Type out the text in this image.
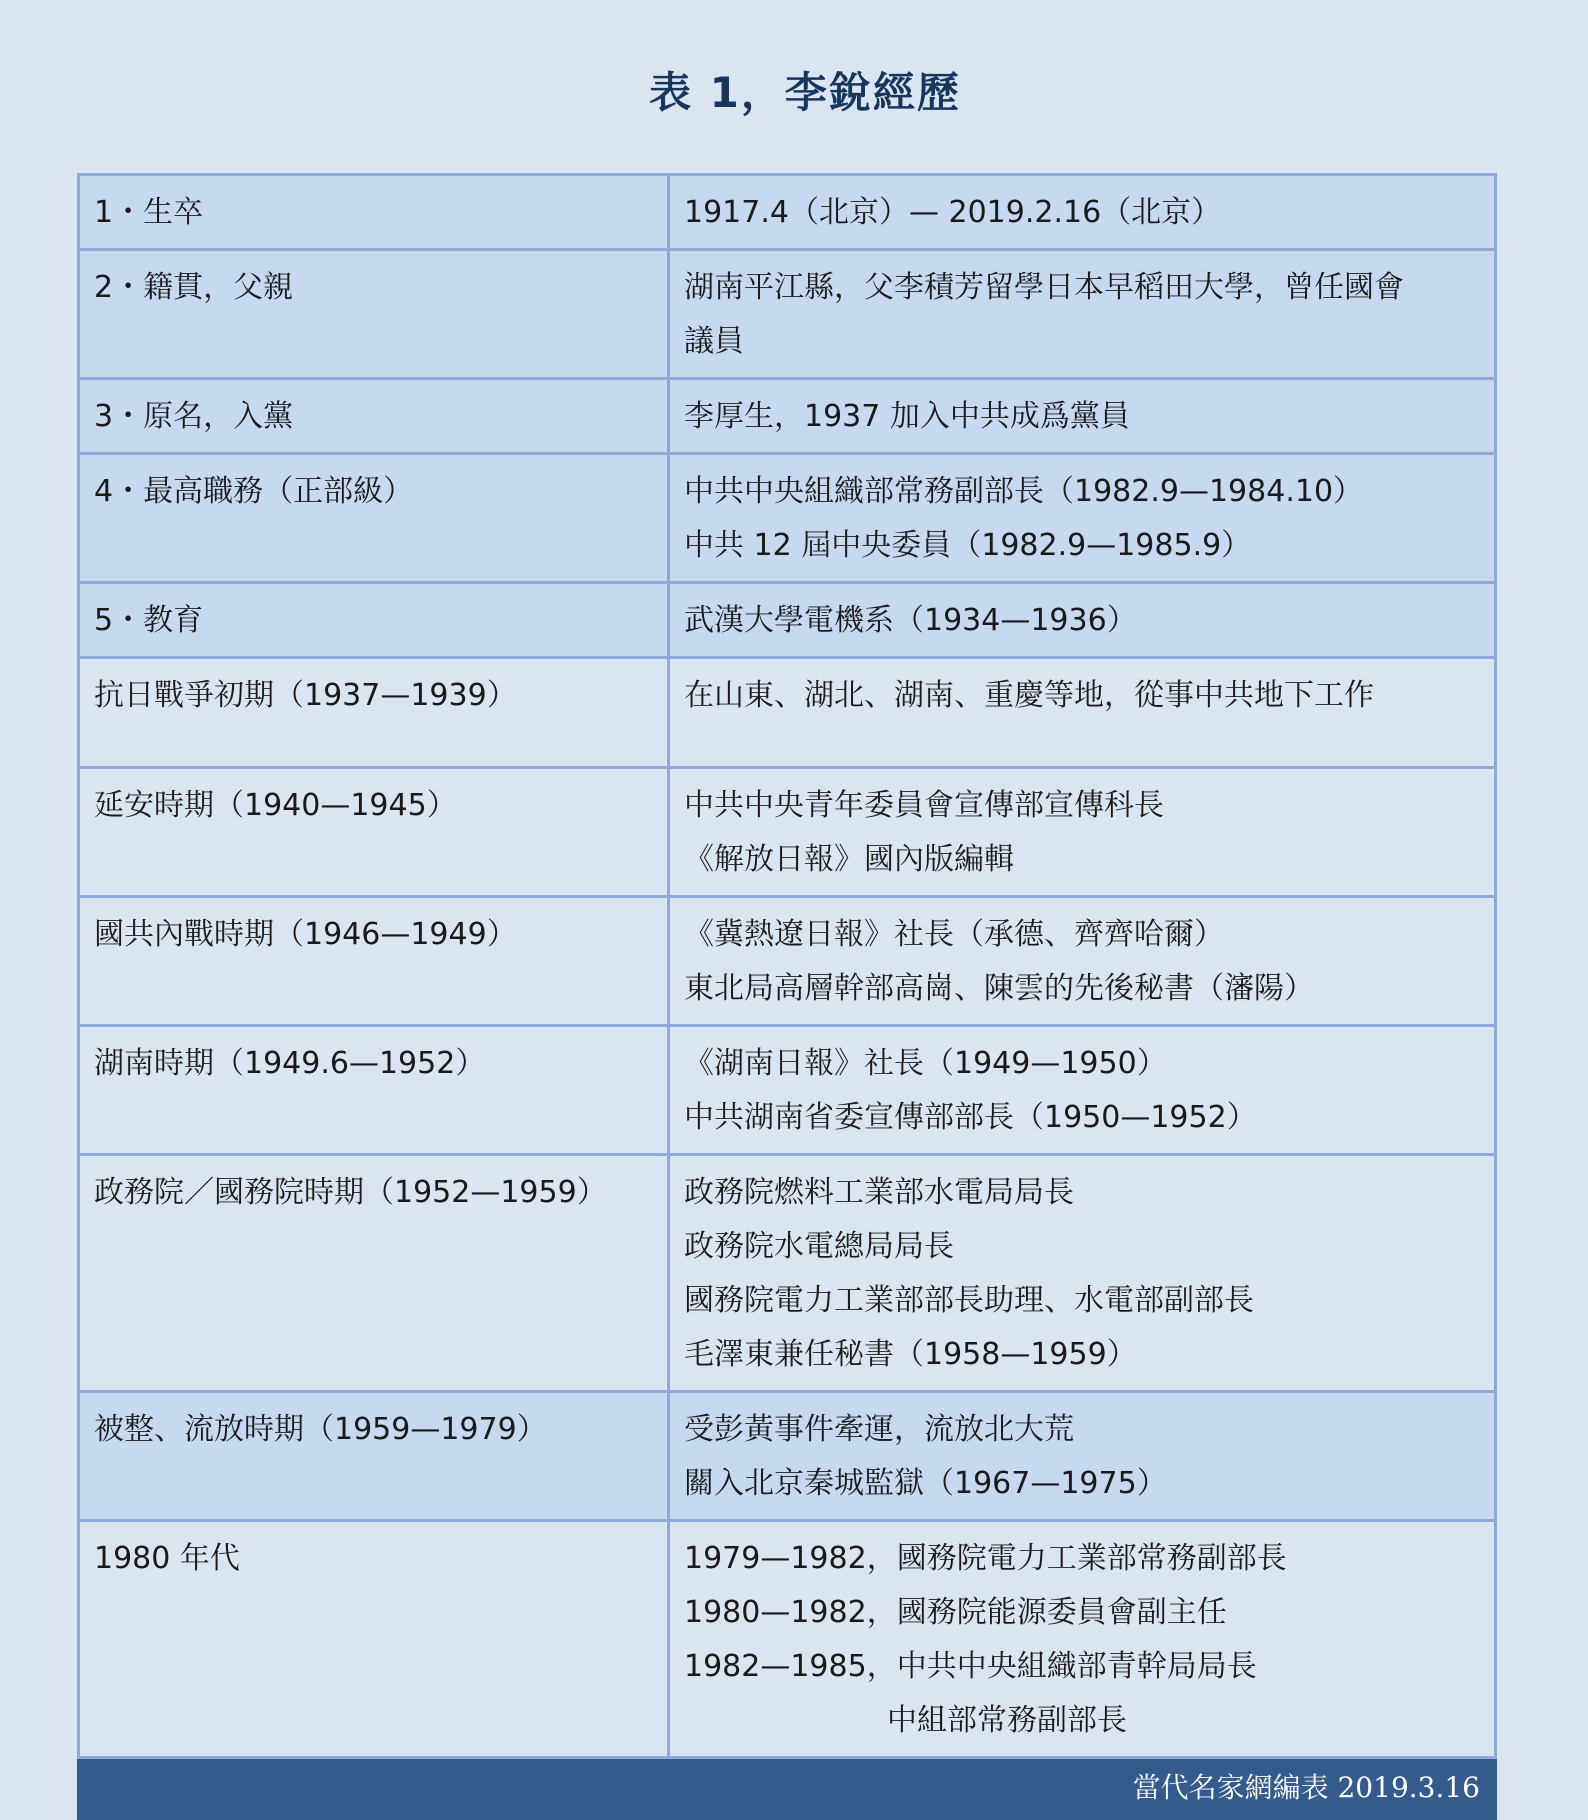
表 1，李銳經歷
1・生卒	1917.4（北京）— 2019.2.16（北京）

2・籍貫，父親	湖南平江縣，父李積芳留學日本早稻田大學，曾任國會
議員

3・原名，入黨	李厚生，1937 加入中共成爲黨員

4・最高職務（正部級）	中共中央組織部常務副部長（1982.9—1984.10）
中共 12 屆中央委員（1982.9—1985.9）

5・教育	武漢大學電機系（1934—1936）

抗日戰爭初期（1937—1939）	在山東、湖北、湖南、重慶等地，從事中共地下工作

延安時期（1940—1945）	中共中央青年委員會宣傳部宣傳科長
《解放日報》國內版編輯

國共內戰時期（1946—1949）	《冀熱遼日報》社長（承德、齊齊哈爾）
東北局高層幹部高崗、陳雲的先後秘書（瀋陽）

湖南時期（1949.6—1952）	《湖南日報》社長（1949—1950）
中共湖南省委宣傳部部長（1950—1952）

政務院／國務院時期（1952—1959）	政務院燃料工業部水電局局長
政務院水電總局局長
國務院電力工業部部長助理、水電部副部長
毛澤東兼任秘書（1958—1959）

被整、流放時期（1959—1979）	受彭黃事件牽運，流放北大荒
關入北京秦城監獄（1967—1975）

1980 年代	1979—1982，國務院電力工業部常務副部長
1980—1982，國務院能源委員會副主任
1982—1985，中共中央組織部青幹局局長
中組部常務副部長

當代名家網編表 2019.3.16	
